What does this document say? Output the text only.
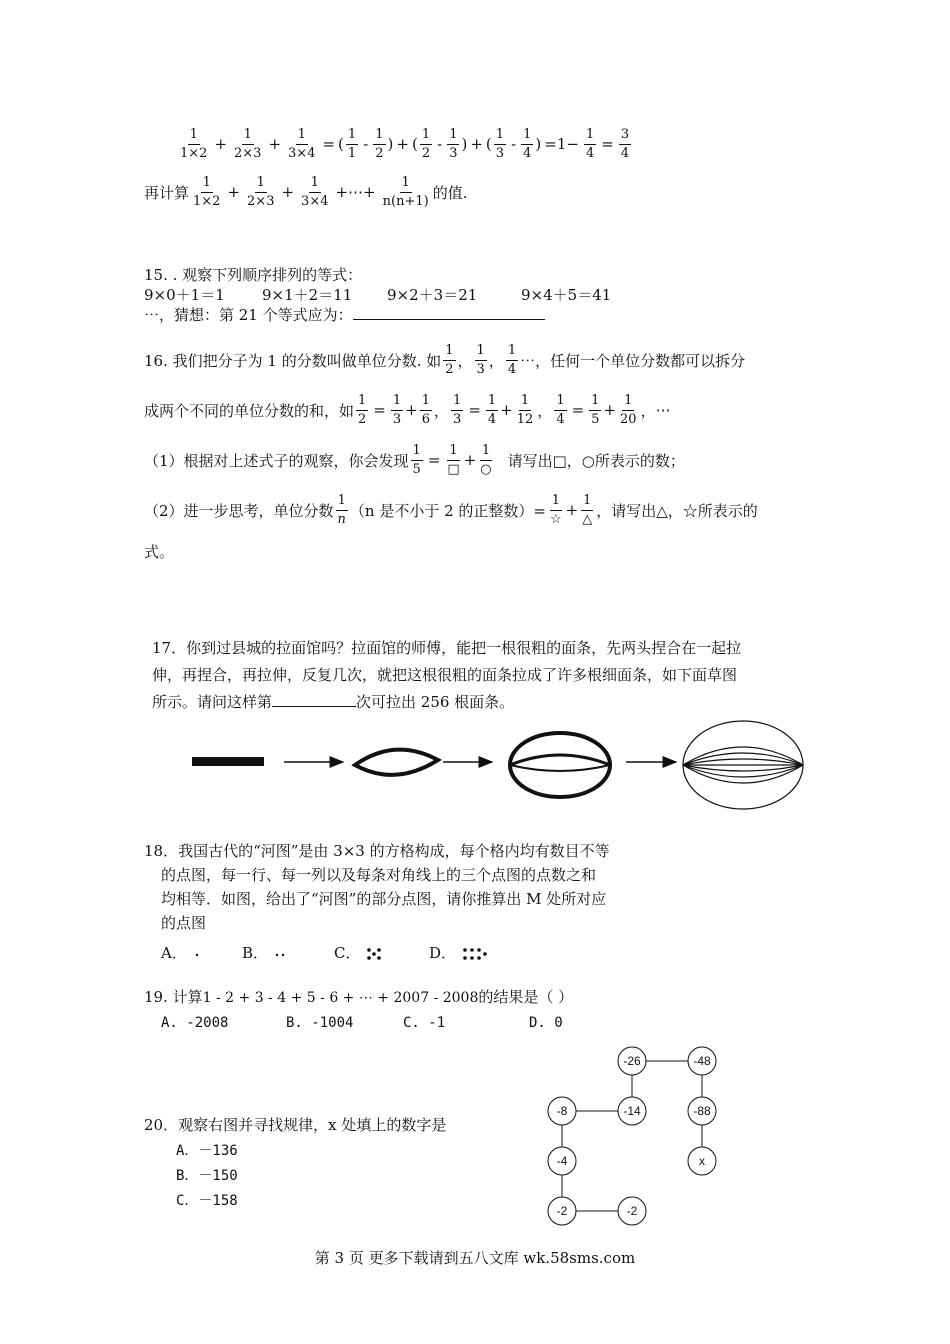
1
$1\times 2 + \frac{1}{2\times 3} + \frac{1}{3\times 4}$ = (
1
1 -
1
2 ) + (
1
2 -
1
3 ) + (
1
3 -
1
4 ) $=1- \frac{1}{4} = \frac{3}{4}$
再计算
1
$1\times 2 + \frac{1}{2\times 3} + \frac{1}{3\times 4}$ +⋯+ $\frac{1}{n(n+1)}$ 的值.
15. . 观察下列顺序排列的等式：
9×0＋1＝1 9×1＋2＝11 9×2＋3＝21	9×4＋5＝41
⋯，猜想：第 21 个等式应为：
16. 我们把分子为 1 的分数叫做单位分数. 如
1
2 ，
1
3 ，
1
4 ⋯，任何一个单位分数都可以拆分
成两个不同的单位分数的和，如 $\frac{1}{2} = \frac{1}{3} + \frac{1}{6}$ ， $\frac{1}{3} = \frac{1}{4} + \frac{1}{12}$ ， $\frac{1}{4} = \frac{1}{5} + \frac{1}{20}$ ， ⋯
（1）根据对上述式子的观察，你会发现 $\frac{1}{5}$ =
1
□ +
1
○ 请写出□，○所表示的数；
（2）进一步思考，单位分数
1
n （n 是不小于 2 的正整数）=
1
☆ +
1
△ ，请写出△，☆所表示的
式。
17．你到过县城的拉面馆吗？拉面馆的师傅，能把一根很粗的面条，先两头捏合在一起拉
伸，再捏合，再拉伸，反复几次，就把这根很粗的面条拉成了许多根细面条，如下面草图
所示。请问这样第	次可拉出 256 根面条。
18．我国古代的“河图”是由 3×3 的方格构成，每个格内均有数目不等
的点图，每一行、每一列以及每条对角线上的三个点图的点数之和
均相等．如图，给出了“河图”的部分点图，请你推算出 M 处所对应
的点图
A．	B．	C．	D．
19. 计算1 - 2 + 3 - 4 + 5 - 6 + ⋯ + 2007 - 2008的结果是（ ）
A. -2008	B. -1004	C. -1	D. 0
20．观察右图并寻找规律，x 处填上的数字是
A．－136
B．－150
C．－158
-26	-48
-8	-14	-88
-4	x
-2	-2
第 3 页 更多下载请到五八文库 wk.58sms.com
